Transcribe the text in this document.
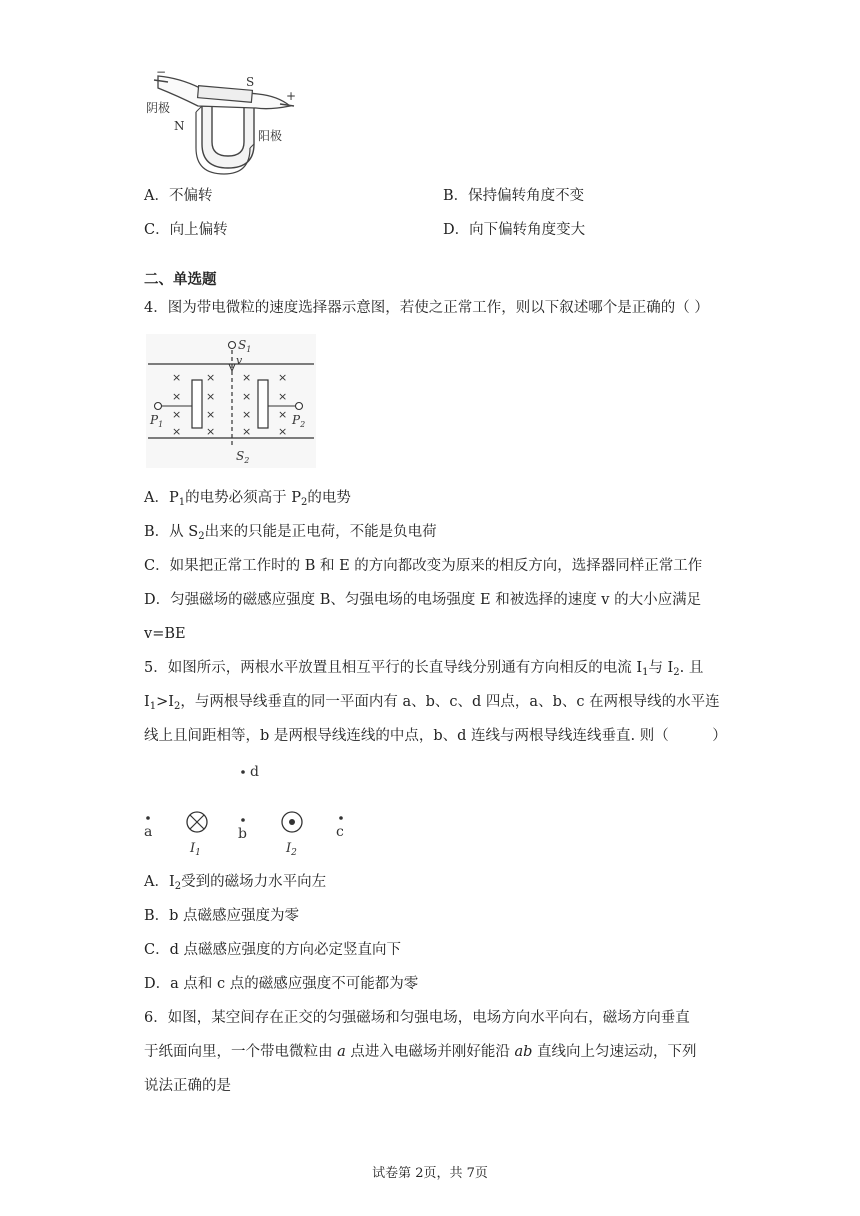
−
+
S
N
阴极
阳极
A．不偏转	B．保持偏转角度不变
C．向上偏转	D．向下偏转角度变大
二、单选题
4．图为带电微粒的速度选择器示意图，若使之正常工作，则以下叙述哪个是正确的（ ）
×
×
×
×
×
×
×
×
×
×
×
×
×
×
×
×
$S_1$
v
$P_1$	$P_2$
$S_2$
A．$P_1$的电势必须高于 $P_2$的电势
B．从 $S_2$出来的只能是正电荷，不能是负电荷
C．如果把正常工作时的 B 和 E 的方向都改变为原来的相反方向，选择器同样正常工作
D．匀强磁场的磁感应强度 B、匀强电场的电场强度 E 和被选择的速度 v 的大小应满足
v=BE
5．如图所示，两根水平放置且相互平行的长直导线分别通有方向相反的电流 $I_1$与 $I_2$. 且
$I_1>I_2$，与两根导线垂直的同一平面内有 a、b、c、d 四点，a、b、c 在两根导线的水平连
线上且间距相等，b 是两根导线连线的中点，b、d 连线与两根导线连线垂直. 则（　　　）
d
a
$I_1$
b
$I_2$
c
A．$I_2$受到的磁场力水平向左
B．b 点磁感应强度为零
C．d 点磁感应强度的方向必定竖直向下
D．a 点和 c 点的磁感应强度不可能都为零
6．如图，某空间存在正交的匀强磁场和匀强电场，电场方向水平向右，磁场方向垂直
于纸面向里，一个带电微粒由 a 点进入电磁场并刚好能沿 ab 直线向上匀速运动，下列
说法正确的是
试卷第 2页，共 7页
